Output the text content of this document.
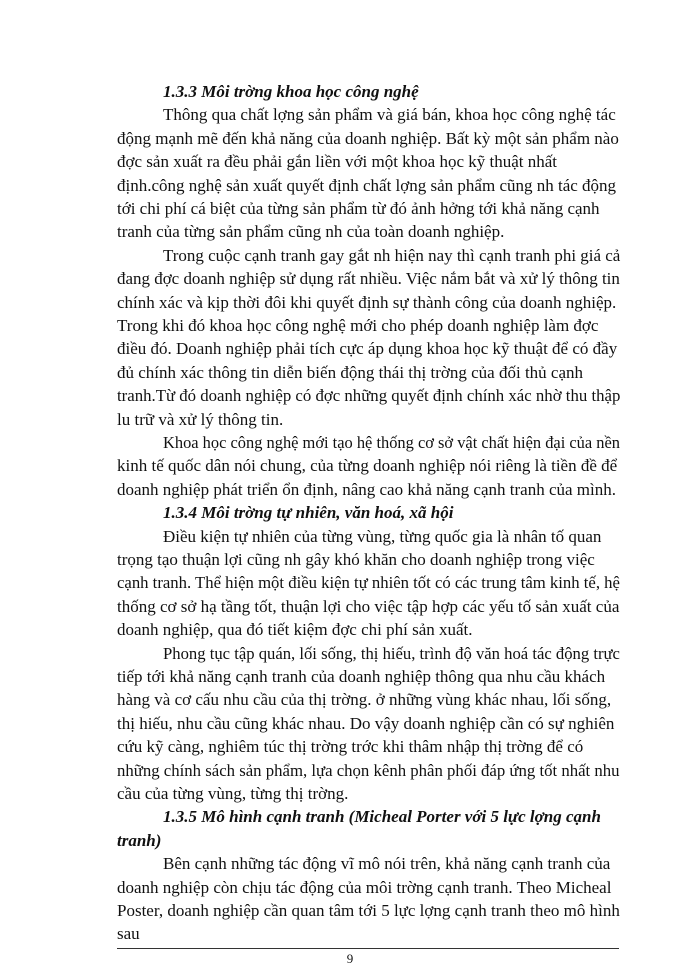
1.3.3 Môi trờng khoa học công nghệ
Thông qua chất lợng sản phẩm và giá bán, khoa học công nghệ tác
động mạnh mẽ đến khả năng của doanh nghiệp. Bất kỳ một sản phẩm nào
đợc sản xuất ra đều phải gắn liền với một khoa học kỹ thuật nhất
định.công nghệ sản xuất quyết định chất lợng sản phẩm cũng nh tác động
tới chi phí cá biệt của từng sản phẩm từ đó ảnh hởng tới khả năng cạnh
tranh của từng sản phẩm cũng nh của toàn doanh nghiệp.
Trong cuộc cạnh tranh gay gắt nh hiện nay thì cạnh tranh phi giá cả
đang đợc doanh nghiệp sử dụng rất nhiều. Việc nắm bắt và xử lý thông tin
chính xác và kịp thời đôi khi quyết định sự thành công của doanh nghiệp.
Trong khi đó khoa học công nghệ mới cho phép doanh nghiệp làm đợc
điều đó. Doanh nghiệp phải tích cực áp dụng khoa học kỹ thuật để có đầy
đủ chính xác thông tin diễn biến động thái thị trờng của đối thủ cạnh
tranh.Từ đó doanh nghiệp có đợc những quyết định chính xác nhờ thu thập
lu trữ và xử lý thông tin.
Khoa học công nghệ mới tạo hệ thống cơ sở vật chất hiện đại của nền
kinh tế quốc dân nói chung, của từng doanh nghiệp nói riêng là tiền đề để
doanh nghiệp phát triển ổn định, nâng cao khả năng cạnh tranh của mình.
1.3.4 Môi trờng tự nhiên, văn hoá, xã hội
Điều kiện tự nhiên của từng vùng, từng quốc gia là nhân tố quan
trọng tạo thuận lợi cũng nh gây khó khăn cho doanh nghiệp trong việc
cạnh tranh. Thể hiện một điều kiện tự nhiên tốt có các trung tâm kinh tế, hệ
thống cơ sở hạ tầng tốt, thuận lợi cho việc tập hợp các yếu tố sản xuất của
doanh nghiệp, qua đó tiết kiệm đợc chi phí sản xuất.
Phong tục tập quán, lối sống, thị hiếu, trình độ văn hoá tác động trực
tiếp tới khả năng cạnh tranh của doanh nghiệp thông qua nhu cầu khách
hàng và cơ cấu nhu cầu của thị trờng. ở những vùng khác nhau, lối sống,
thị hiếu, nhu cầu cũng khác nhau. Do vậy doanh nghiệp cần có sự nghiên
cứu kỹ càng, nghiêm túc thị trờng trớc khi thâm nhập thị trờng để có
những chính sách sản phẩm, lựa chọn kênh phân phối đáp ứng tốt nhất nhu
cầu của từng vùng, từng thị trờng.
1.3.5 Mô hình cạnh tranh (Micheal Porter với 5 lực lợng cạnh
tranh)
Bên cạnh những tác động vĩ mô nói trên, khả năng cạnh tranh của
doanh nghiệp còn chịu tác động của môi trờng cạnh tranh. Theo Micheal
Poster, doanh nghiệp cần quan tâm tới 5 lực lợng cạnh tranh theo mô hình
sau
9
